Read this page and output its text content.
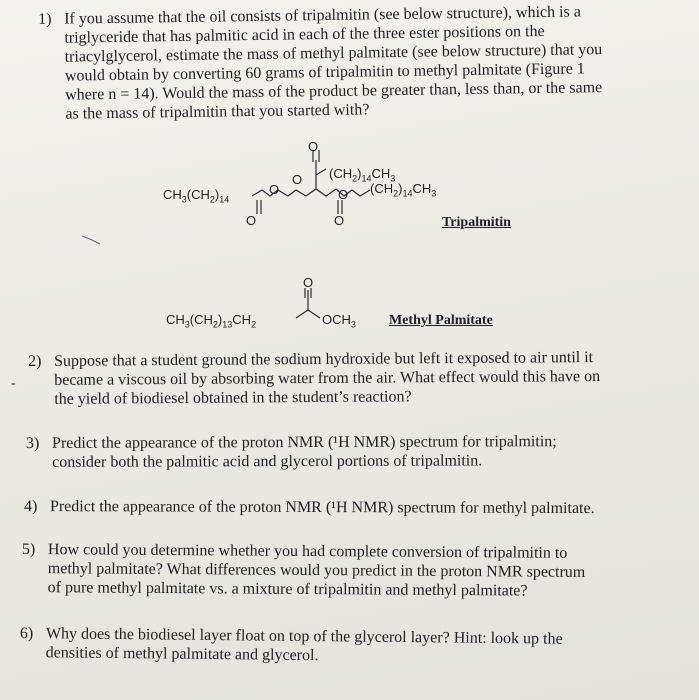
1) If you assume that the oil consists of tripalmitin (see below structure), which is a
triglyceride that has palmitic acid in each of the three ester positions on the
triacylglycerol, estimate the mass of methyl palmitate (see below structure) that you
would obtain by converting 60 grams of tripalmitin to methyl palmitate (Figure 1
where n = 14). Would the mass of the product be greater than, less than, or the same
as the mass of tripalmitin that you started with?
$CH_3(CH_2)_{14}$
O
O
O
O $(CH_2)_{14}CH_3$
O $(CH_2)_{14}CH_3$
O	Tripalmitin
O
$CH_3(CH_2)_{13}CH_2$	$OCH_3$ Methyl Palmitate
-
2) Suppose that a student ground the sodium hydroxide but left it exposed to air until it
became a viscous oil by absorbing water from the air. What effect would this have on
the yield of biodiesel obtained in the student’s reaction?
3) Predict the appearance of the proton NMR (¹H NMR) spectrum for tripalmitin;
consider both the palmitic acid and glycerol portions of tripalmitin.
4) Predict the appearance of the proton NMR (¹H NMR) spectrum for methyl palmitate.
5) How could you determine whether you had complete conversion of tripalmitin to
methyl palmitate? What differences would you predict in the proton NMR spectrum
of pure methyl palmitate vs. a mixture of tripalmitin and methyl palmitate?
6) Why does the biodiesel layer float on top of the glycerol layer? Hint: look up the
densities of methyl palmitate and glycerol.
